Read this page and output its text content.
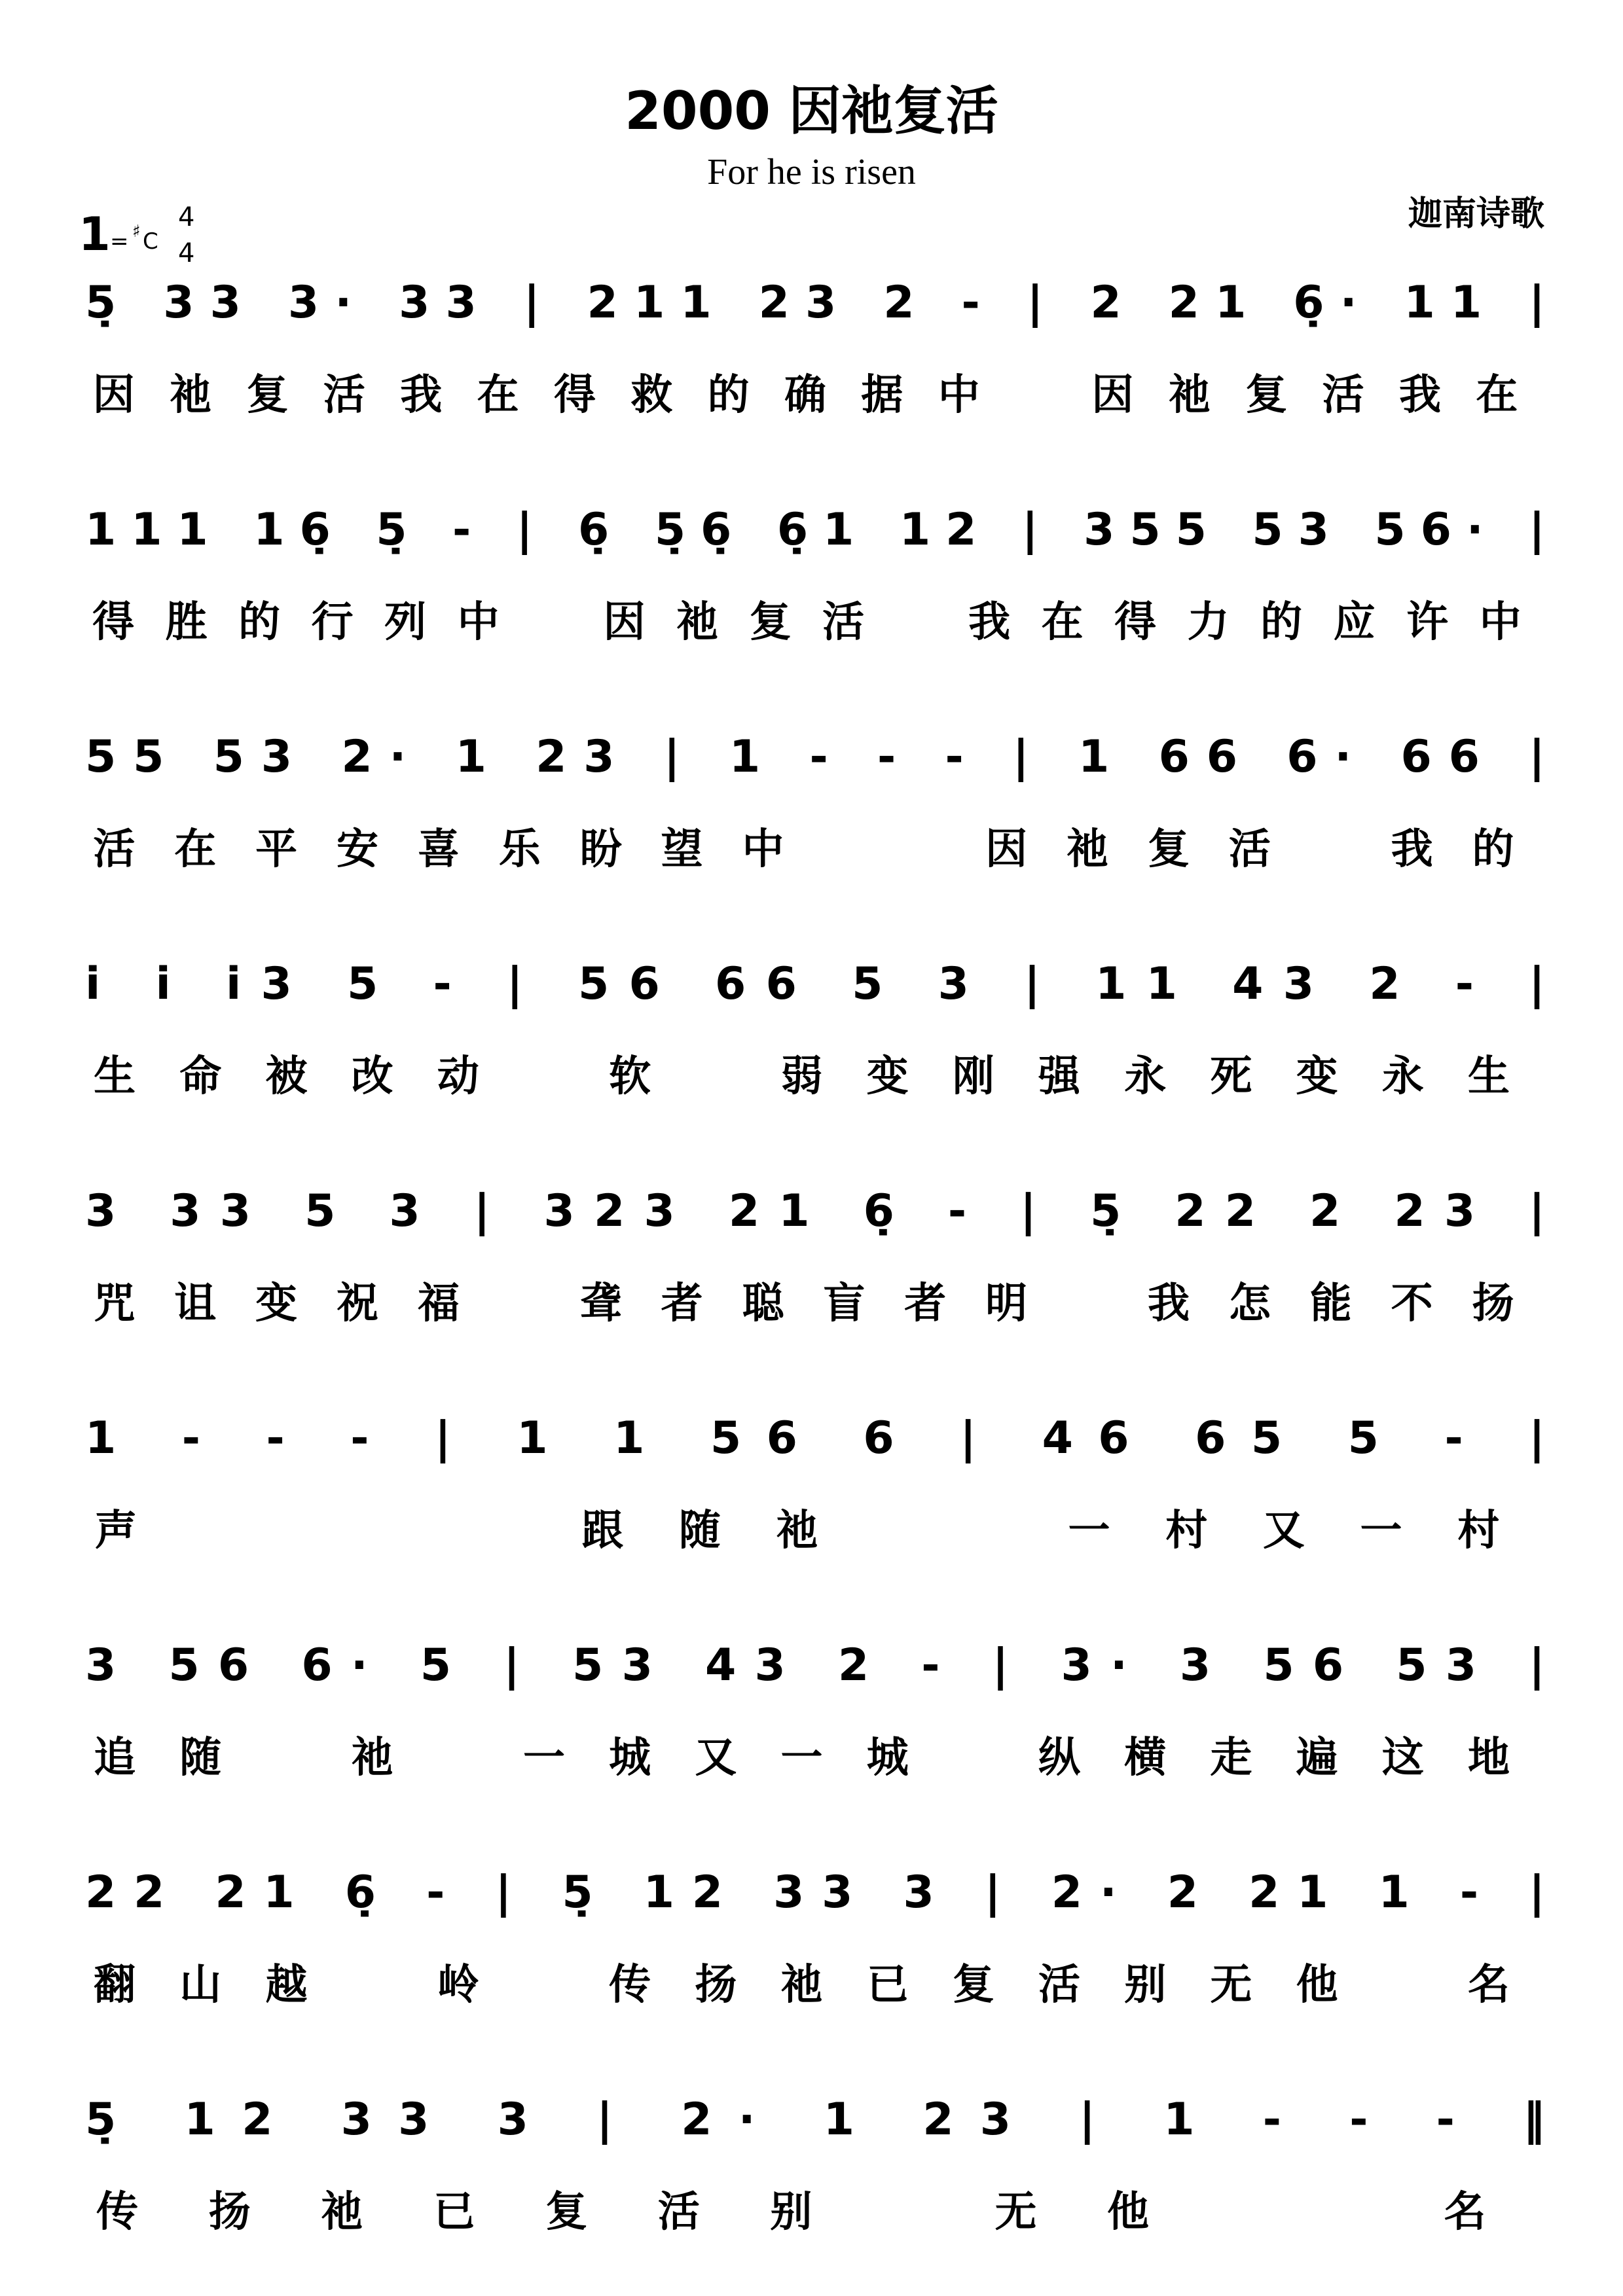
2000 因祂复活
For he is risen
迦南诗歌
1 = ♯ C
4
4
5̣ 33 3· 33 | 211 23 2 - | 2 21 6̣· 11 |
因 祂 复 活 我 在 得 救 的 确 据 中	因 祂 复 活 我 在
111 16̣ 5̣ - | 6̣ 5̣6̣ 6̣1 12 | 355 53 56· |
得 胜 的 行 列 中 因 祂 复 活 我 在 得 力 的 应 许 中
55 53 2· 1 23 | 1 - - - | 1 66 6· 66 |
活 在 平 安 喜 乐 盼 望 中	因 祂 复 活	我 的
i i i3 5 - | 56 66 5 3 | 11 43 2 - |
生 命 被 改 动	软	弱 变 刚 强 永 死 变 永 生
3 33 5 3 | 323 21 6̣ - | 5̣ 22 2 23 |
咒 诅 变 祝 福	聋 者 聪 盲 者 明	我 怎 能 不 扬
1 - - - | 1 1 56 6 | 46 65 5 - |
声	跟 随 祂	一 村 又 一 村
3 56 6· 5 | 53 43 2 - | 3· 3 56 53 |
追 随	祂	一 城 又 一 城	纵 横 走 遍 这 地
22 21 6̣ - | 5̣ 12 33 3 | 2· 2 21 1 - |
翻 山 越	岭	传 扬 祂 已 复 活 别 无 他	名
5̣ 12 33 3 | 2· 1 23 | 1 - - - ‖
传 扬 祂 已 复 活 别	无 他	名
